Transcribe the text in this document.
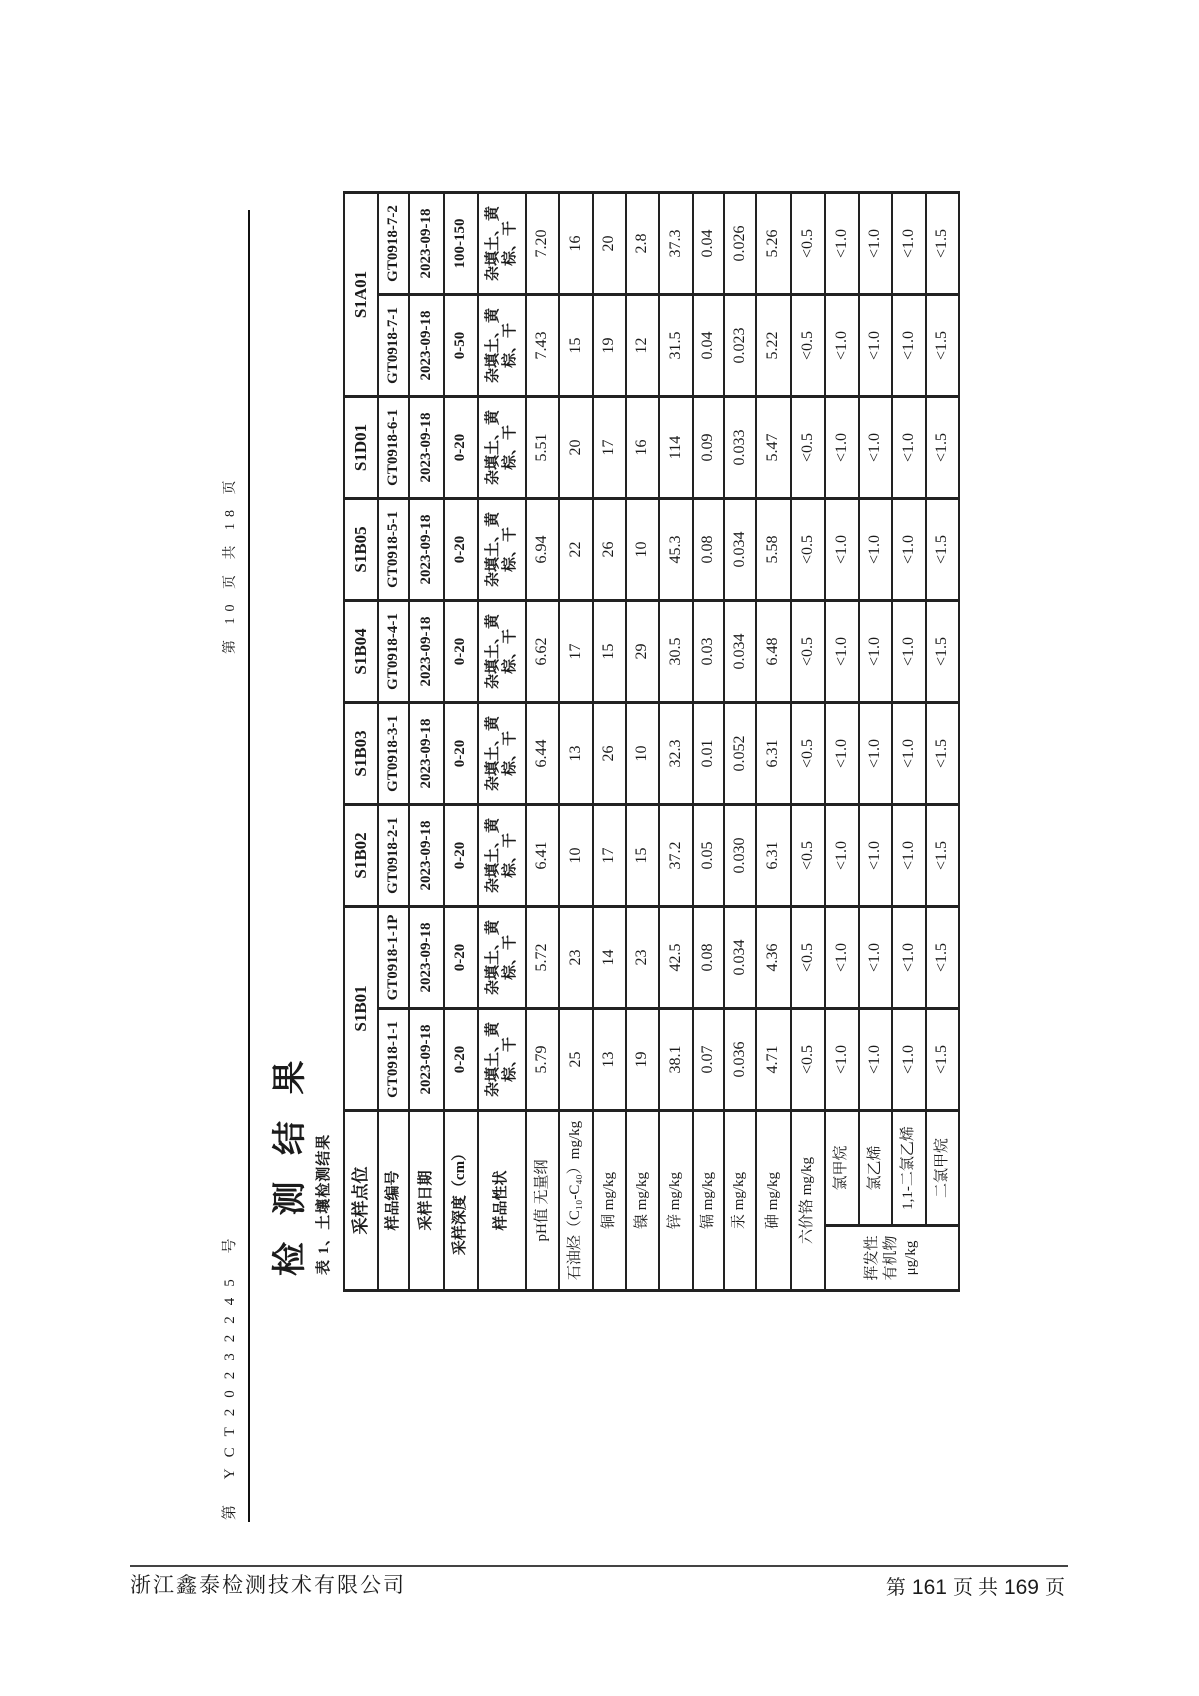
第 YCT20232245 号
第 10 页 共 18 页
检 测 结 果 表 1、土壤检测结果 采样点位		S1B01		S1B02	S1B03	S1B04	S1B05	S1D01	S1A01	
样品编号		GT0918-1-1	GT0918-1-1P	GT0918-2-1	GT0918-3-1	GT0918-4-1	GT0918-5-1	GT0918-6-1	GT0918-7-1	GT0918-7-2
采样日期		2023-09-18	2023-09-18	2023-09-18	2023-09-18	2023-09-18	2023-09-18	2023-09-18	2023-09-18	2023-09-18
采样深度（cm）		0-20	0-20	0-20	0-20	0-20	0-20	0-20	0-50	100-150
样品性状		杂填土、黄棕、干	杂填土、黄棕、干	杂填土、黄棕、干	杂填土、黄棕、干	杂填土、黄棕、干	杂填土、黄棕、干	杂填土、黄棕、干	杂填土、黄棕、干	杂填土、黄棕、干
pH值 无量纲		5.79	5.72	6.41	6.44	6.62	6.94	5.51	7.43	7.20
石油烃（C₁₀-C₄₀）mg/kg		25	23	10	13	17	22	20	15	16
铜 mg/kg		13	14	17	26	15	26	17	19	20
镍 mg/kg		19	23	15	10	29	10	16	12	2.8
锌 mg/kg		38.1	42.5	37.2	32.3	30.5	45.3	114	31.5	37.3
镉 mg/kg		0.07	0.08	0.05	0.01	0.03	0.08	0.09	0.04	0.04
汞 mg/kg		0.036	0.034	0.030	0.052	0.034	0.034	0.033	0.023	0.026
砷 mg/kg		4.71	4.36	6.31	6.31	6.48	5.58	5.47	5.22	5.26
六价铬 mg/kg		<0.5	<0.5	<0.5	<0.5	<0.5	<0.5	<0.5	<0.5	<0.5
挥发性 有机物 μg/kg	氯甲烷	<1.0	<1.0	<1.0	<1.0	<1.0	<1.0	<1.0	<1.0	<1.0
	氯乙烯	<1.0	<1.0	<1.0	<1.0	<1.0	<1.0	<1.0	<1.0	<1.0
	1,1-二氯乙烯	<1.0	<1.0	<1.0	<1.0	<1.0	<1.0	<1.0	<1.0	<1.0
	二氯甲烷	<1.5	<1.5	<1.5	<1.5	<1.5	<1.5	<1.5	<1.5	<1.5
浙江鑫泰检测技术有限公司	第 161 页 共 169 页
